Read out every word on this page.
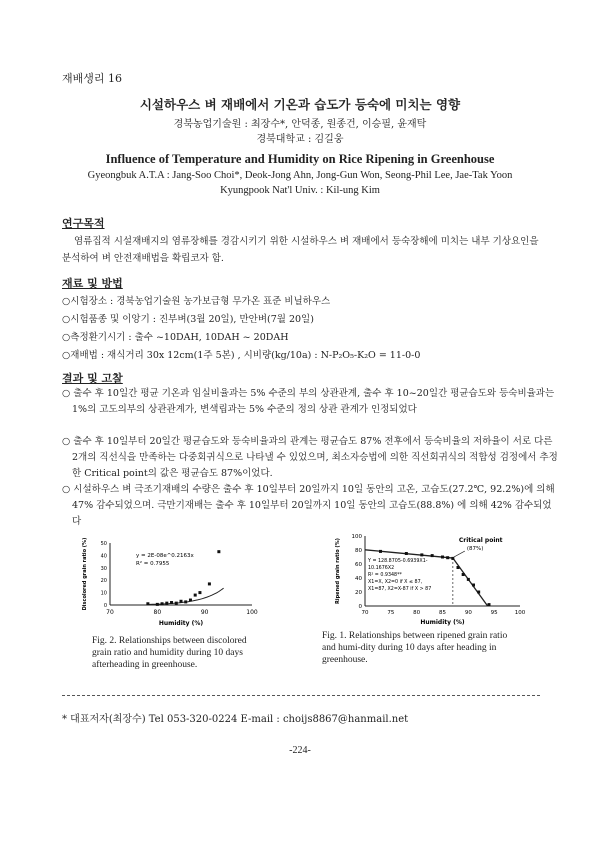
재배생리 16
시설하우스 벼 재배에서 기온과 습도가 등숙에 미치는 영향
경북농업기술원 : 최장수*, 안덕종, 원종건, 이승필, 윤재탁
경북대학교 : 김길웅
Influence of Temperature and Humidity on Rice Ripening in Greenhouse
Gyeongbuk A.T.A : Jang-Soo Choi*, Deok-Jong Ahn, Jong-Gun Won, Seong-Phil Lee, Jae-Tak Yoon
Kyungpook Nat'l Univ. : Kil-ung Kim
연구목적
염류집적 시설재배지의 염류장해를 경감시키기 위한 시설하우스 벼 재배에서 등숙장해에 미치는 내부 기상요인을 분석하여 벼 안전재배법을 확립코자 함.
재료 및 방법
○시험장소 : 경북농업기술원 농가보급형 무가온 표준 비닐하우스
○시험품종 및 이앙기 : 진부벼(3월 20일), 만안벼(7월 20일)
○측정환기시기 : 출수 ~10DAH, 10DAH ~ 20DAH
○재배법 : 재식거리 30x 12cm(1주 5본) , 시비량(kg/10a) : N-P₂O₅-K₂O = 11-0-0
결과 및 고찰
○ 출수 후 10일간 평균 기온과 임실비율과는 5% 수준의 부의 상관관계, 출수 후 10~20일간 평균습도와 등숙비율과는 1%의 고도의부의 상관관계가, 변색립과는 5% 수준의 정의 상관 관계가 인정되었다
○ 출수 후 10일부터 20일간 평균습도와 등숙비율과의 관계는 평균습도 87% 전후에서 등숙비율의 저하율이 서로 다른 2개의 직선식을 만족하는 다중회귀식으로 나타낼 수 있었으며, 최소자승법에 의한 직선회귀식의 적합성 검정에서 추정한 Critical point의 값은 평균습도 87%이었다.
○ 시설하우스 벼 극조기재배의 수량은 출수 후 10일부터 20일까지 10일 동안의 고온, 고습도(27.2℃, 92.2%)에 의해 47% 감수되었으며. 극만기재배는 출수 후 10일부터 20일까지 10일 동안의 고습도(88.8%) 에 의해 42% 감수되었다
0
10
20
30
40
50
70	80	90	100
Humidity (%)
Discolored grain ratio (%)	y = 2E-08e^0.2163x
R² = 0.7955
Fig. 2. Relationships between discolored grain ratio and humidity during 10 days afterheading in greenhouse.
0
20
40
60
80
100
70	75	80	85	90	95	100
Humidity (%)
Ripened grain ratio (%)	Critical point
(87%)
Y = 128.8705-0.6939X1-
10.1676X2
R² = 0.9348**
X1=X, X2=0 if X ≤ 87,
X1=87, X2=X-87 if X > 87
Fig. 1. Relationships between ripened grain ratio and humi-dity during 10 days after heading in greenhouse.
* 대표저자(최장수) Tel 053-320-0224 E-mail : choijs8867@hanmail.net
-224-
